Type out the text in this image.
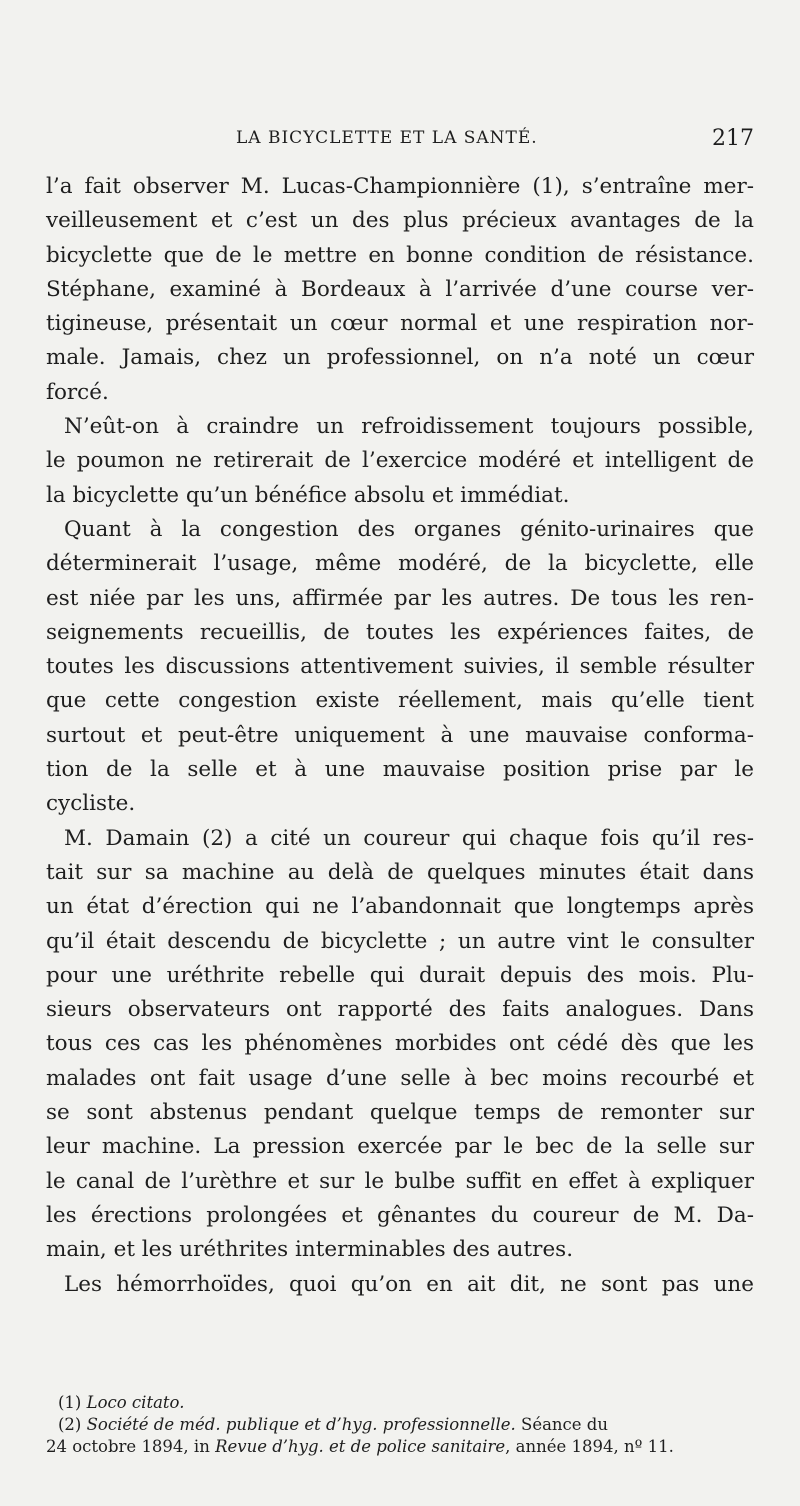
LA BICYCLETTE ET LA SANTÉ.	217
l’a fait observer M. Lucas-Championnière (1), s’entraîne mer-
veilleusement et c’est un des plus précieux avantages de la
bicyclette que de le mettre en bonne condition de résistance.
Stéphane, examiné à Bordeaux à l’arrivée d’une course ver-
tigineuse, présentait un cœur normal et une respiration nor-
male. Jamais, chez un professionnel, on n’a noté un cœur
forcé.
N’eût-on à craindre un refroidissement toujours possible,
le poumon ne retirerait de l’exercice modéré et intelligent de
la bicyclette qu’un bénéfice absolu et immédiat.
Quant à la congestion des organes génito-urinaires que
déterminerait l’usage, même modéré, de la bicyclette, elle
est niée par les uns, affirmée par les autres. De tous les ren-
seignements recueillis, de toutes les expériences faites, de
toutes les discussions attentivement suivies, il semble résulter
que cette congestion existe réellement, mais qu’elle tient
surtout et peut-être uniquement à une mauvaise conforma-
tion de la selle et à une mauvaise position prise par le
cycliste.
M. Damain (2) a cité un coureur qui chaque fois qu’il res-
tait sur sa machine au delà de quelques minutes était dans
un état d’érection qui ne l’abandonnait que longtemps après
qu’il était descendu de bicyclette ; un autre vint le consulter
pour une uréthrite rebelle qui durait depuis des mois. Plu-
sieurs observateurs ont rapporté des faits analogues. Dans
tous ces cas les phénomènes morbides ont cédé dès que les
malades ont fait usage d’une selle à bec moins recourbé et
se sont abstenus pendant quelque temps de remonter sur
leur machine. La pression exercée par le bec de la selle sur
le canal de l’urèthre et sur le bulbe suffit en effet à expliquer
les érections prolongées et gênantes du coureur de M. Da-
main, et les uréthrites interminables des autres.
Les hémorrhoïdes, quoi qu’on en ait dit, ne sont pas une
(1) Loco citato.
(2) Société de méd. publique et d’hyg. professionnelle. Séance du
24 octobre 1894, in Revue d’hyg. et de police sanitaire, année 1894, nº 11.
